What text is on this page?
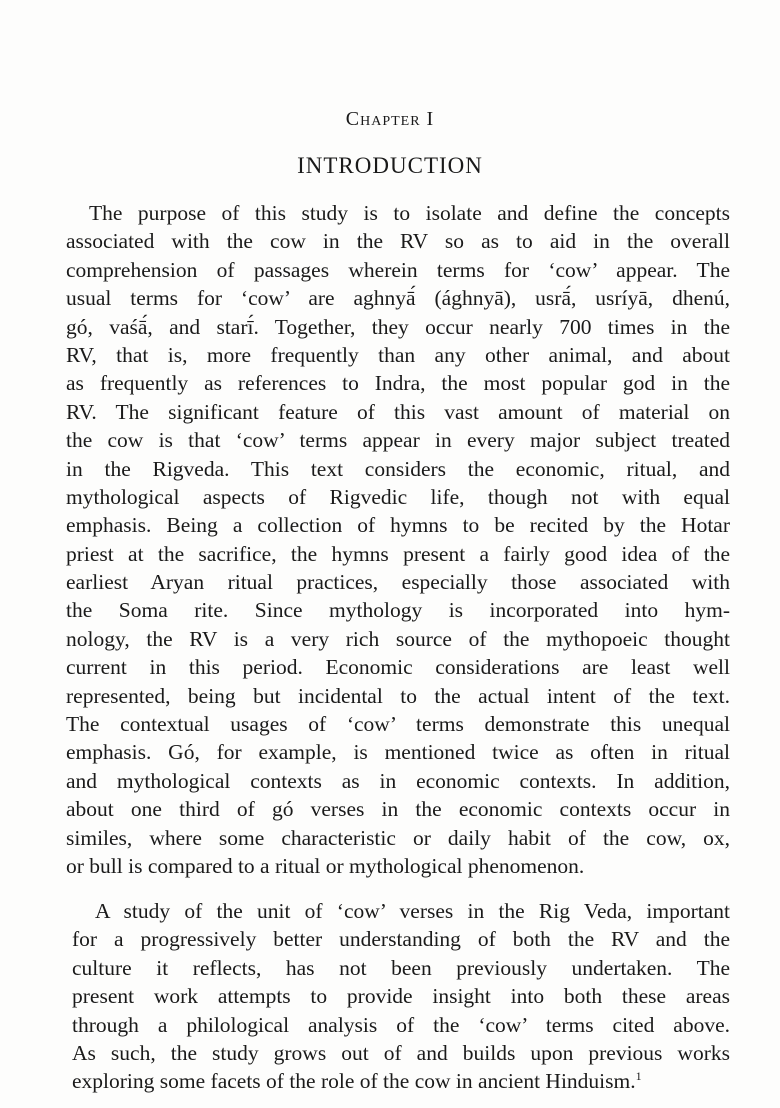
Chapter I
INTRODUCTION
The purpose of this study is to isolate and define the concepts
associated with the cow in the RV so as to aid in the overall
comprehension of passages wherein terms for ‘cow’ appear. The
usual terms for ‘cow’ are aghnyā́ (ághnyā), usrā́, usríyā, dhenú,
gó, vaśā́, and starī́. Together, they occur nearly 700 times in the
RV, that is, more frequently than any other animal, and about
as frequently as references to Indra, the most popular god in the
RV. The significant feature of this vast amount of material on
the cow is that ‘cow’ terms appear in every major subject treated
in the Rigveda. This text considers the economic, ritual, and
mythological aspects of Rigvedic life, though not with equal
emphasis. Being a collection of hymns to be recited by the Hotar
priest at the sacrifice, the hymns present a fairly good idea of the
earliest Aryan ritual practices, especially those associated with
the Soma rite. Since mythology is incorporated into hym-
nology, the RV is a very rich source of the mythopoeic thought
current in this period. Economic considerations are least well
represented, being but incidental to the actual intent of the text.
The contextual usages of ‘cow’ terms demonstrate this unequal
emphasis. Gó, for example, is mentioned twice as often in ritual
and mythological contexts as in economic contexts. In addition,
about one third of gó verses in the economic contexts occur in
similes, where some characteristic or daily habit of the cow, ox,
or bull is compared to a ritual or mythological phenomenon.
A study of the unit of ‘cow’ verses in the Rig Veda, important
for a progressively better understanding of both the RV and the
culture it reflects, has not been previously undertaken. The
present work attempts to provide insight into both these areas
through a philological analysis of the ‘cow’ terms cited above.
As such, the study grows out of and builds upon previous works
exploring some facets of the role of the cow in ancient Hinduism.$^1$
